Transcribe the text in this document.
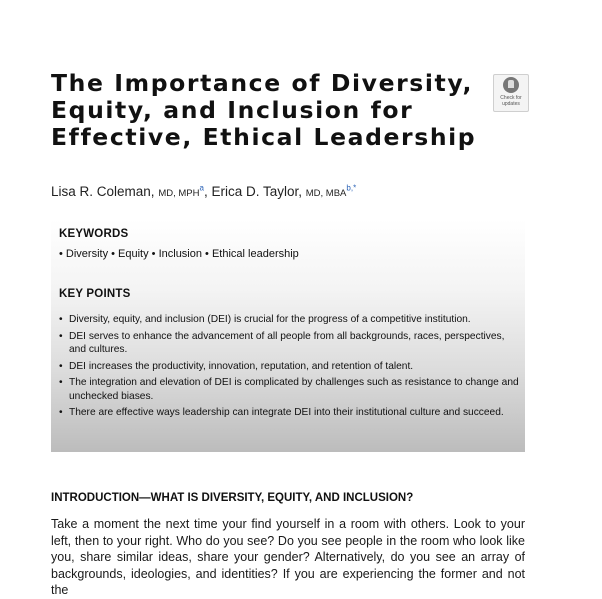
The Importance of Diversity, Equity, and Inclusion for Effective, Ethical Leadership
Check for
updates
Lisa R. Coleman, MD, MPH$^a$, Erica D. Taylor, MD, $MBA^{b,*}$
KEYWORDS
• Diversity • Equity • Inclusion • Ethical leadership
KEY POINTS
• Diversity, equity, and inclusion (DEI) is crucial for the progress of a competitive institution.
• DEI serves to enhance the advancement of all people from all backgrounds, races, perspectives, and cultures.
• DEI increases the productivity, innovation, reputation, and retention of talent.
• The integration and elevation of DEI is complicated by challenges such as resistance to change and unchecked biases.
• There are effective ways leadership can integrate DEI into their institutional culture and succeed.
INTRODUCTION—WHAT IS DIVERSITY, EQUITY, AND INCLUSION?

Take a moment the next time your find yourself in a room with others. Look to your left, then to your right. Who do you see? Do you see people in the room who look like you, share similar ideas, share your gender? Alternatively, do you see an array of backgrounds, ideologies, and identities? If you are experiencing the former and not the
